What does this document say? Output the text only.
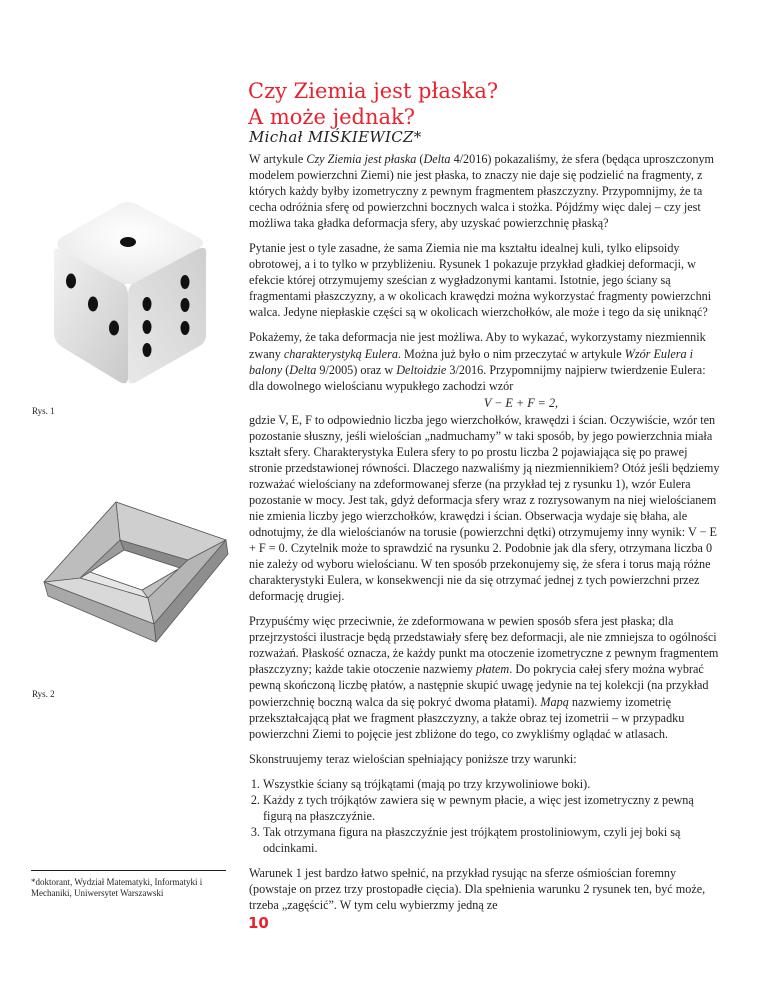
Czy Ziemia jest płaska?
A może jednak?
Michał MIŚKIEWICZ*
Rys. 1
Rys. 2

W artykule Czy Ziemia jest płaska (Delta 4/2016) pokazaliśmy, że sfera (będąca uproszczonym modelem powierzchni Ziemi) nie jest płaska, to znaczy nie daje się podzielić na fragmenty, z których każdy byłby izometryczny z pewnym fragmentem płaszczyzny. Przypomnijmy, że ta cecha odróżnia sferę od powierzchni bocznych walca i stożka. Pójdźmy więc dalej – czy jest możliwa taka gładka deformacja sfery, aby uzyskać powierzchnię płaską?

Pytanie jest o tyle zasadne, że sama Ziemia nie ma kształtu idealnej kuli, tylko elipsoidy obrotowej, a i to tylko w przybliżeniu. Rysunek 1 pokazuje przykład gładkiej deformacji, w efekcie której otrzymujemy sześcian z wygładzonymi kantami. Istotnie, jego ściany są fragmentami płaszczyzny, a w okolicach krawędzi można wykorzystać fragmenty powierzchni walca. Jedyne niepłaskie części są w okolicach wierzchołków, ale może i tego da się uniknąć?

Pokażemy, że taka deformacja nie jest możliwa. Aby to wykazać, wykorzystamy niezmiennik zwany charakterystyką Eulera. Można już było o nim przeczytać w artykule Wzór Eulera i balony (Delta 9/2005) oraz w Deltoidzie 3/2016. Przypomnijmy najpierw twierdzenie Eulera: dla dowolnego wielościanu wypukłego zachodzi wzór

V − E + F = 2,

gdzie V, E, F to odpowiednio liczba jego wierzchołków, krawędzi i ścian. Oczywiście, wzór ten pozostanie słuszny, jeśli wielościan „nadmuchamy” w taki sposób, by jego powierzchnia miała kształt sfery. Charakterystyka Eulera sfery to po prostu liczba 2 pojawiająca się po prawej stronie przedstawionej równości. Dlaczego nazwaliśmy ją niezmiennikiem? Otóż jeśli będziemy rozważać wielościany na zdeformowanej sferze (na przykład tej z rysunku 1), wzór Eulera pozostanie w mocy. Jest tak, gdyż deformacja sfery wraz z rozrysowanym na niej wielościanem nie zmienia liczby jego wierzchołków, krawędzi i ścian. Obserwacja wydaje się błaha, ale odnotujmy, że dla wielościanów na torusie (powierzchni dętki) otrzymujemy inny wynik: V − E + F = 0. Czytelnik może to sprawdzić na rysunku 2. Podobnie jak dla sfery, otrzymana liczba 0 nie zależy od wyboru wielościanu. W ten sposób przekonujemy się, że sfera i torus mają różne charakterystyki Eulera, w konsekwencji nie da się otrzymać jednej z tych powierzchni przez deformację drugiej.

Przypuśćmy więc przeciwnie, że zdeformowana w pewien sposób sfera jest płaska; dla przejrzystości ilustracje będą przedstawiały sferę bez deformacji, ale nie zmniejsza to ogólności rozważań. Płaskość oznacza, że każdy punkt ma otoczenie izometryczne z pewnym fragmentem płaszczyzny; każde takie otoczenie nazwiemy płatem. Do pokrycia całej sfery można wybrać pewną skończoną liczbę płatów, a następnie skupić uwagę jedynie na tej kolekcji (na przykład powierzchnię boczną walca da się pokryć dwoma płatami). Mapą nazwiemy izometrię przekształcającą płat we fragment płaszczyzny, a także obraz tej izometrii – w przypadku powierzchni Ziemi to pojęcie jest zbliżone do tego, co zwykliśmy oglądać w atlasach.

Skonstruujemy teraz wielościan spełniający poniższe trzy warunki:

1. Wszystkie ściany są trójkątami (mają po trzy krzywoliniowe boki).
2. Każdy z tych trójkątów zawiera się w pewnym płacie, a więc jest izometryczny z pewną figurą na płaszczyźnie.
3. Tak otrzymana figura na płaszczyźnie jest trójkątem prostoliniowym, czyli jej boki są odcinkami.

Warunek 1 jest bardzo łatwo spełnić, na przykład rysując na sferze ośmiościan foremny (powstaje on przez trzy prostopadłe cięcia). Dla spełnienia warunku 2 rysunek ten, być może, trzeba „zagęścić”. W tym celu wybierzmy jedną ze

*doktorant, Wydział Matematyki, Informatyki i Mechaniki, Uniwersytet Warszawski
10
